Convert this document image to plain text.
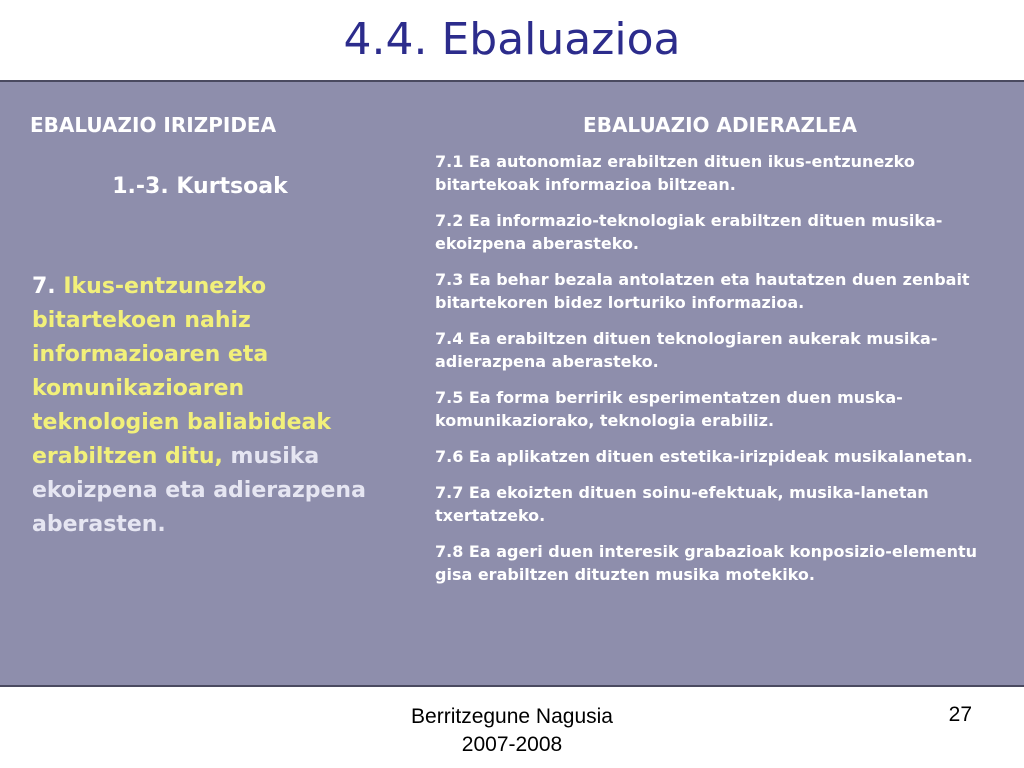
4.4. Ebaluazioa
EBALUAZIO IRIZPIDEA
1.-3. Kurtsoak
7. Ikus-entzunezko bitartekoen nahiz informazioaren eta komunikazioaren teknologien baliabideak erabiltzen ditu, musika ekoizpena eta adierazpena aberasten.
EBALUAZIO ADIERAZLEA
7.1 Ea autonomiaz erabiltzen dituen ikus-entzunezko bitartekoak informazioa biltzean.
7.2 Ea informazio-teknologiak erabiltzen dituen musika-ekoizpena aberasteko.
7.3 Ea behar bezala antolatzen eta hautatzen duen zenbait bitartekoren bidez lorturiko informazioa.
7.4 Ea erabiltzen dituen teknologiaren aukerak musika-adierazpena aberasteko.
7.5 Ea forma berririk esperimentatzen duen muska-komunikaziorako, teknologia erabiliz.
7.6 Ea aplikatzen dituen estetika-irizpideak musikalanetan.
7.7 Ea ekoizten dituen soinu-efektuak, musika-lanetan txertatzeko.
7.8 Ea ageri duen interesik grabazioak konposizio-elementu gisa erabiltzen dituzten musika motekiko.
Berritzegune Nagusia
2007-2008
27
